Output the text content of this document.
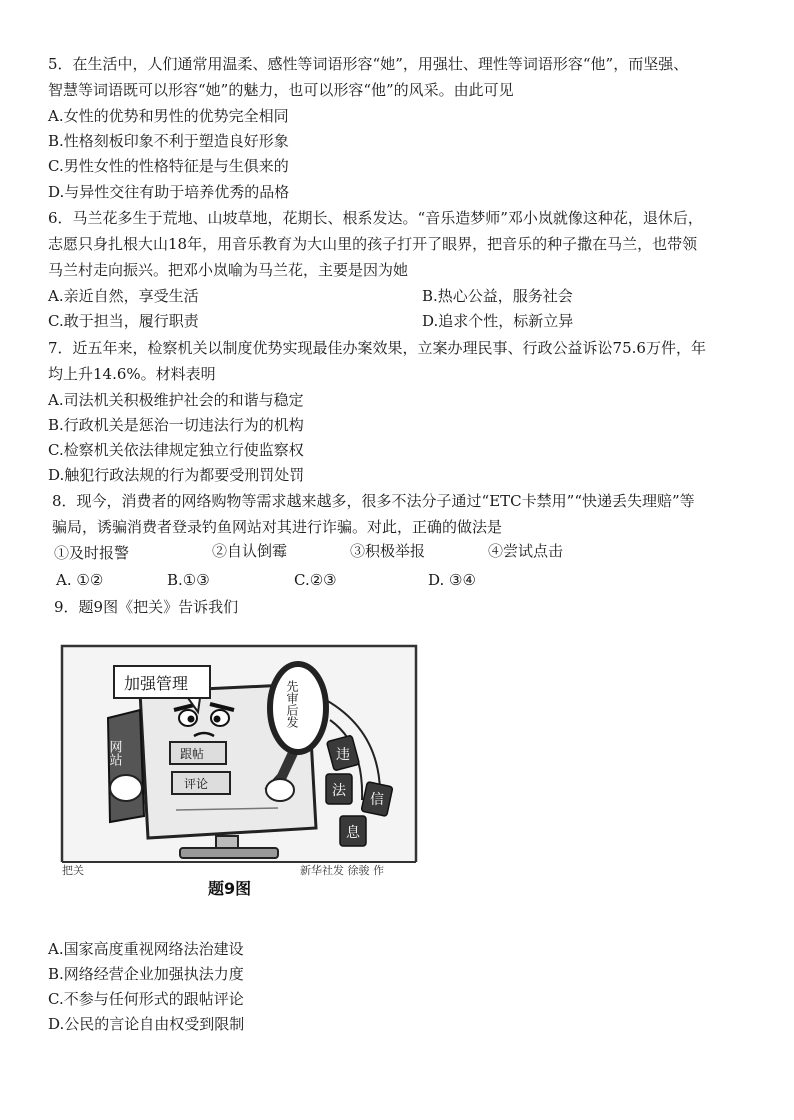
5．在生活中，人们通常用温柔、感性等词语形容“她”，用强壮、理性等词语形容“他”，而坚强、
智慧等词语既可以形容“她”的魅力，也可以形容“他”的风采。由此可见
A.女性的优势和男性的优势完全相同
B.性格刻板印象不利于塑造良好形象
C.男性女性的性格特征是与生俱来的
D.与异性交往有助于培养优秀的品格
6．马兰花多生于荒地、山坡草地，花期长、根系发达。“音乐造梦师”邓小岚就像这种花，退休后，
志愿只身扎根大山18年，用音乐教育为大山里的孩子打开了眼界，把音乐的种子撒在马兰，也带领
马兰村走向振兴。把邓小岚喻为马兰花，主要是因为她
A.亲近自然，享受生活	B.热心公益，服务社会
C.敢于担当，履行职责	D.追求个性，标新立异
7．近五年来，检察机关以制度优势实现最佳办案效果，立案办理民事、行政公益诉讼75.6万件，年
均上升14.6%。材料表明
A.司法机关积极维护社会的和谐与稳定
B.行政机关是惩治一切违法行为的机构
C.检察机关依法律规定独立行使监察权
D.触犯行政法规的行为都要受刑罚处罚
8．现今，消费者的网络购物等需求越来越多，很多不法分子通过“ETC卡禁用”“快递丢失理赔”等
骗局，诱骗消费者登录钓鱼网站对其进行诈骗。对此，正确的做法是
①及时报警	②自认倒霉	③积极举报	④尝试点击
A. ①②	B.①③	C.②③	D. ③④
9．题9图《把关》告诉我们
加强管理
跟帖
评论
网站
先审后发
违
法
信
息
把关	新华社发 徐骏 作
题9图
A.国家高度重视网络法治建设
B.网络经营企业加强执法力度
C.不参与任何形式的跟帖评论
D.公民的言论自由权受到限制
